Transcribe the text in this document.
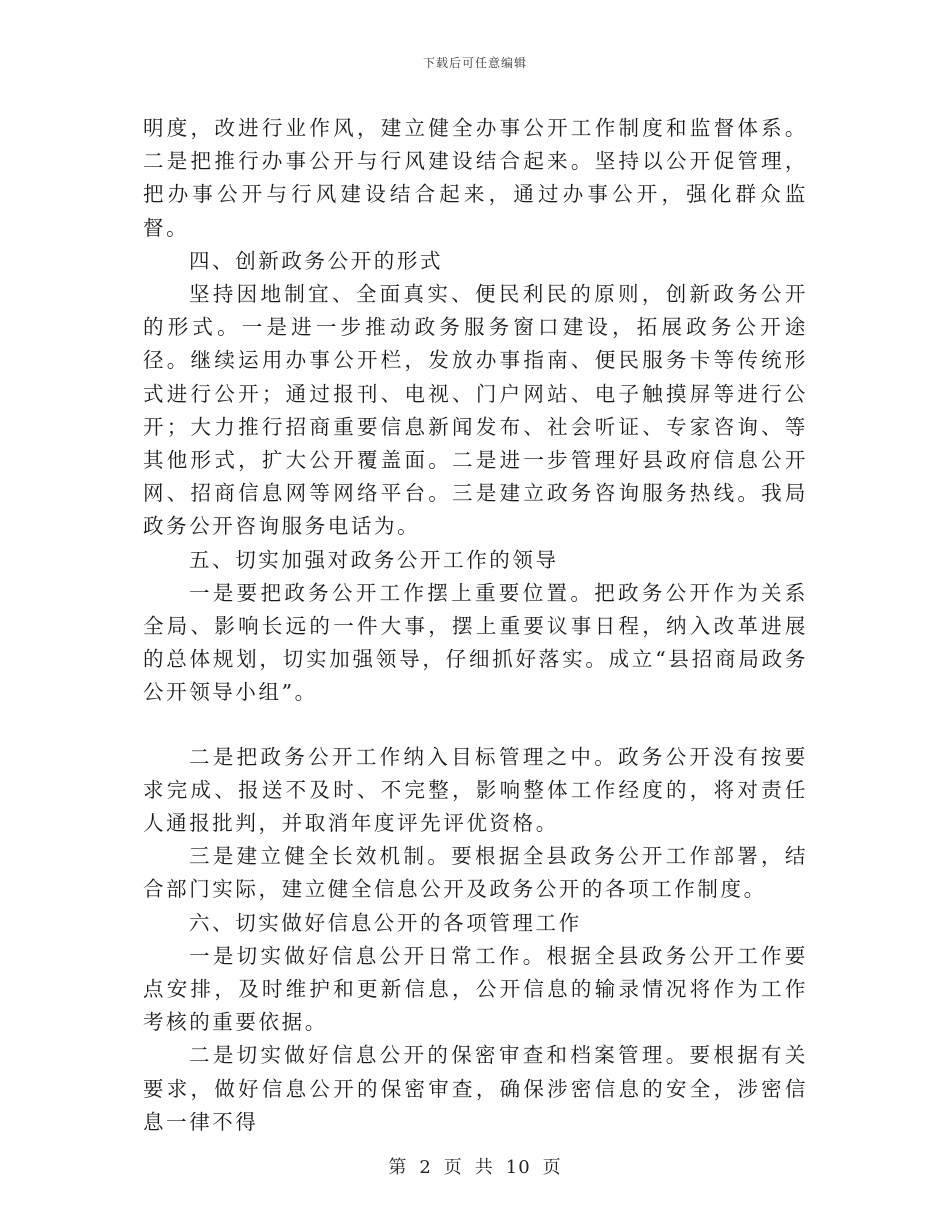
下载后可任意编辑

明度，改进行业作风，建立健全办事公开工作制度和监督体系。二是把推行办事公开与行风建设结合起来。坚持以公开促管理，把办事公开与行风建设结合起来，通过办事公开，强化群众监督。

四、创新政务公开的形式

坚持因地制宜、全面真实、便民利民的原则，创新政务公开的形式。一是进一步推动政务服务窗口建设，拓展政务公开途径。继续运用办事公开栏，发放办事指南、便民服务卡等传统形式进行公开；通过报刊、电视、门户网站、电子触摸屏等进行公开；大力推行招商重要信息新闻发布、社会听证、专家咨询、等其他形式，扩大公开覆盖面。二是进一步管理好县政府信息公开网、招商信息网等网络平台。三是建立政务咨询服务热线。我局政务公开咨询服务电话为。

五、切实加强对政务公开工作的领导

一是要把政务公开工作摆上重要位置。把政务公开作为关系全局、影响长远的一件大事，摆上重要议事日程，纳入改革进展的总体规划，切实加强领导，仔细抓好落实。成立“县招商局政务公开领导小组”。

二是把政务公开工作纳入目标管理之中。政务公开没有按要求完成、报送不及时、不完整，影响整体工作经度的，将对责任人通报批判，并取消年度评先评优资格。

三是建立健全长效机制。要根据全县政务公开工作部署，结合部门实际，建立健全信息公开及政务公开的各项工作制度。

六、切实做好信息公开的各项管理工作

一是切实做好信息公开日常工作。根据全县政务公开工作要点安排，及时维护和更新信息，公开信息的输录情况将作为工作考核的重要依据。

二是切实做好信息公开的保密审查和档案管理。要根据有关要求，做好信息公开的保密审查，确保涉密信息的安全，涉密信息一律不得

第 2 页 共 10 页
